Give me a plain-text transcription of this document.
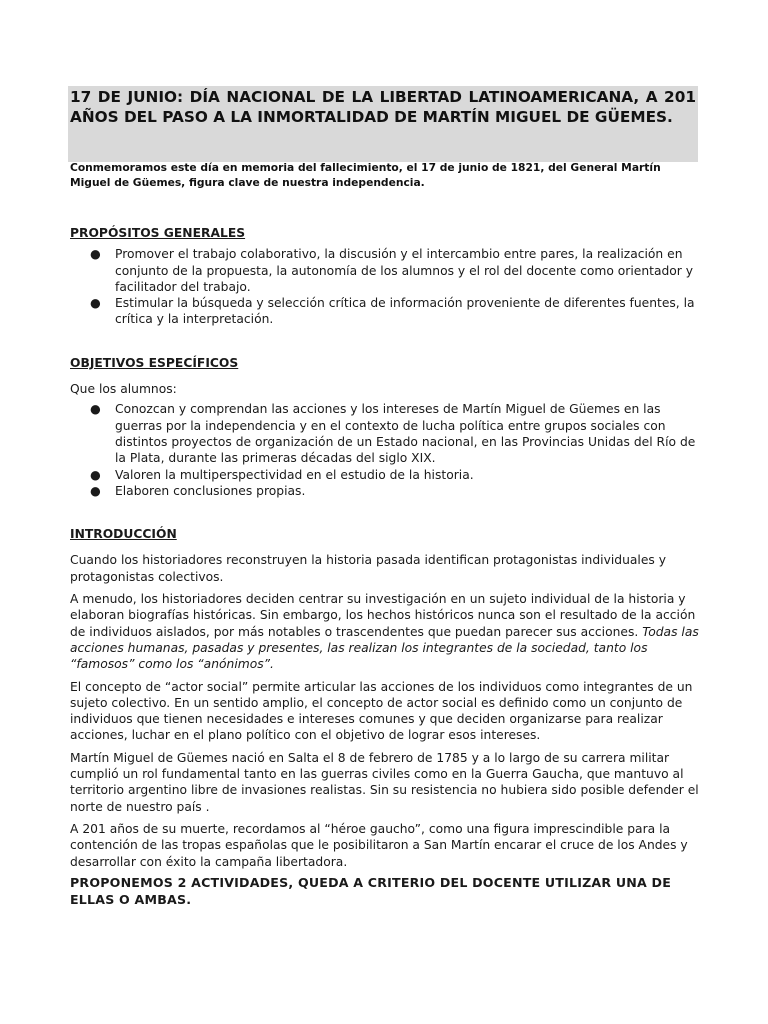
17 DE JUNIO: DÍA NACIONAL DE LA LIBERTAD LATINOAMERICANA, A 201 AÑOS DEL PASO A LA INMORTALIDAD DE MARTÍN MIGUEL DE GÜEMES.

Conmemoramos este día en memoria del fallecimiento, el 17 de junio de 1821, del General Martín Miguel de Güemes, figura clave de nuestra independencia.

PROPÓSITOS GENERALES
● Promover el trabajo colaborativo, la discusión y el intercambio entre pares, la realización en conjunto de la propuesta, la autonomía de los alumnos y el rol del docente como orientador y facilitador del trabajo.
● Estimular la búsqueda y selección crítica de información proveniente de diferentes fuentes, la crítica y la interpretación.
OBJETIVOS ESPECÍFICOS

Que los alumnos:

● Conozcan y comprendan las acciones y los intereses de Martín Miguel de Güemes en las guerras por la independencia y en el contexto de lucha política entre grupos sociales con distintos proyectos de organización de un Estado nacional, en las Provincias Unidas del Río de la Plata, durante las primeras décadas del siglo XIX.
● Valoren la multiperspectividad en el estudio de la historia.
● Elaboren conclusiones propias.
INTRODUCCIÓN

Cuando los historiadores reconstruyen la historia pasada identifican protagonistas individuales y protagonistas colectivos.

A menudo, los historiadores deciden centrar su investigación en un sujeto individual de la historia y elaboran biografías históricas. Sin embargo, los hechos históricos nunca son el resultado de la acción de individuos aislados, por más notables o trascendentes que puedan parecer sus acciones. Todas las acciones humanas, pasadas y presentes, las realizan los integrantes de la sociedad, tanto los “famosos” como los “anónimos”.

El concepto de “actor social” permite articular las acciones de los individuos como integrantes de un sujeto colectivo. En un sentido amplio, el concepto de actor social es definido como un conjunto de individuos que tienen necesidades e intereses comunes y que deciden organizarse para realizar acciones, luchar en el plano político con el objetivo de lograr esos intereses.

Martín Miguel de Güemes nació en Salta el 8 de febrero de 1785 y a lo largo de su carrera militar cumplió un rol fundamental tanto en las guerras civiles como en la Guerra Gaucha, que mantuvo al territorio argentino libre de invasiones realistas. Sin su resistencia no hubiera sido posible defender el norte de nuestro país .

A 201 años de su muerte, recordamos al “héroe gaucho”, como una figura imprescindible para la contención de las tropas españolas que le posibilitaron a San Martín encarar el cruce de los Andes y desarrollar con éxito la campaña libertadora.

PROPONEMOS 2 ACTIVIDADES, QUEDA A CRITERIO DEL DOCENTE UTILIZAR UNA DE ELLAS O AMBAS.
